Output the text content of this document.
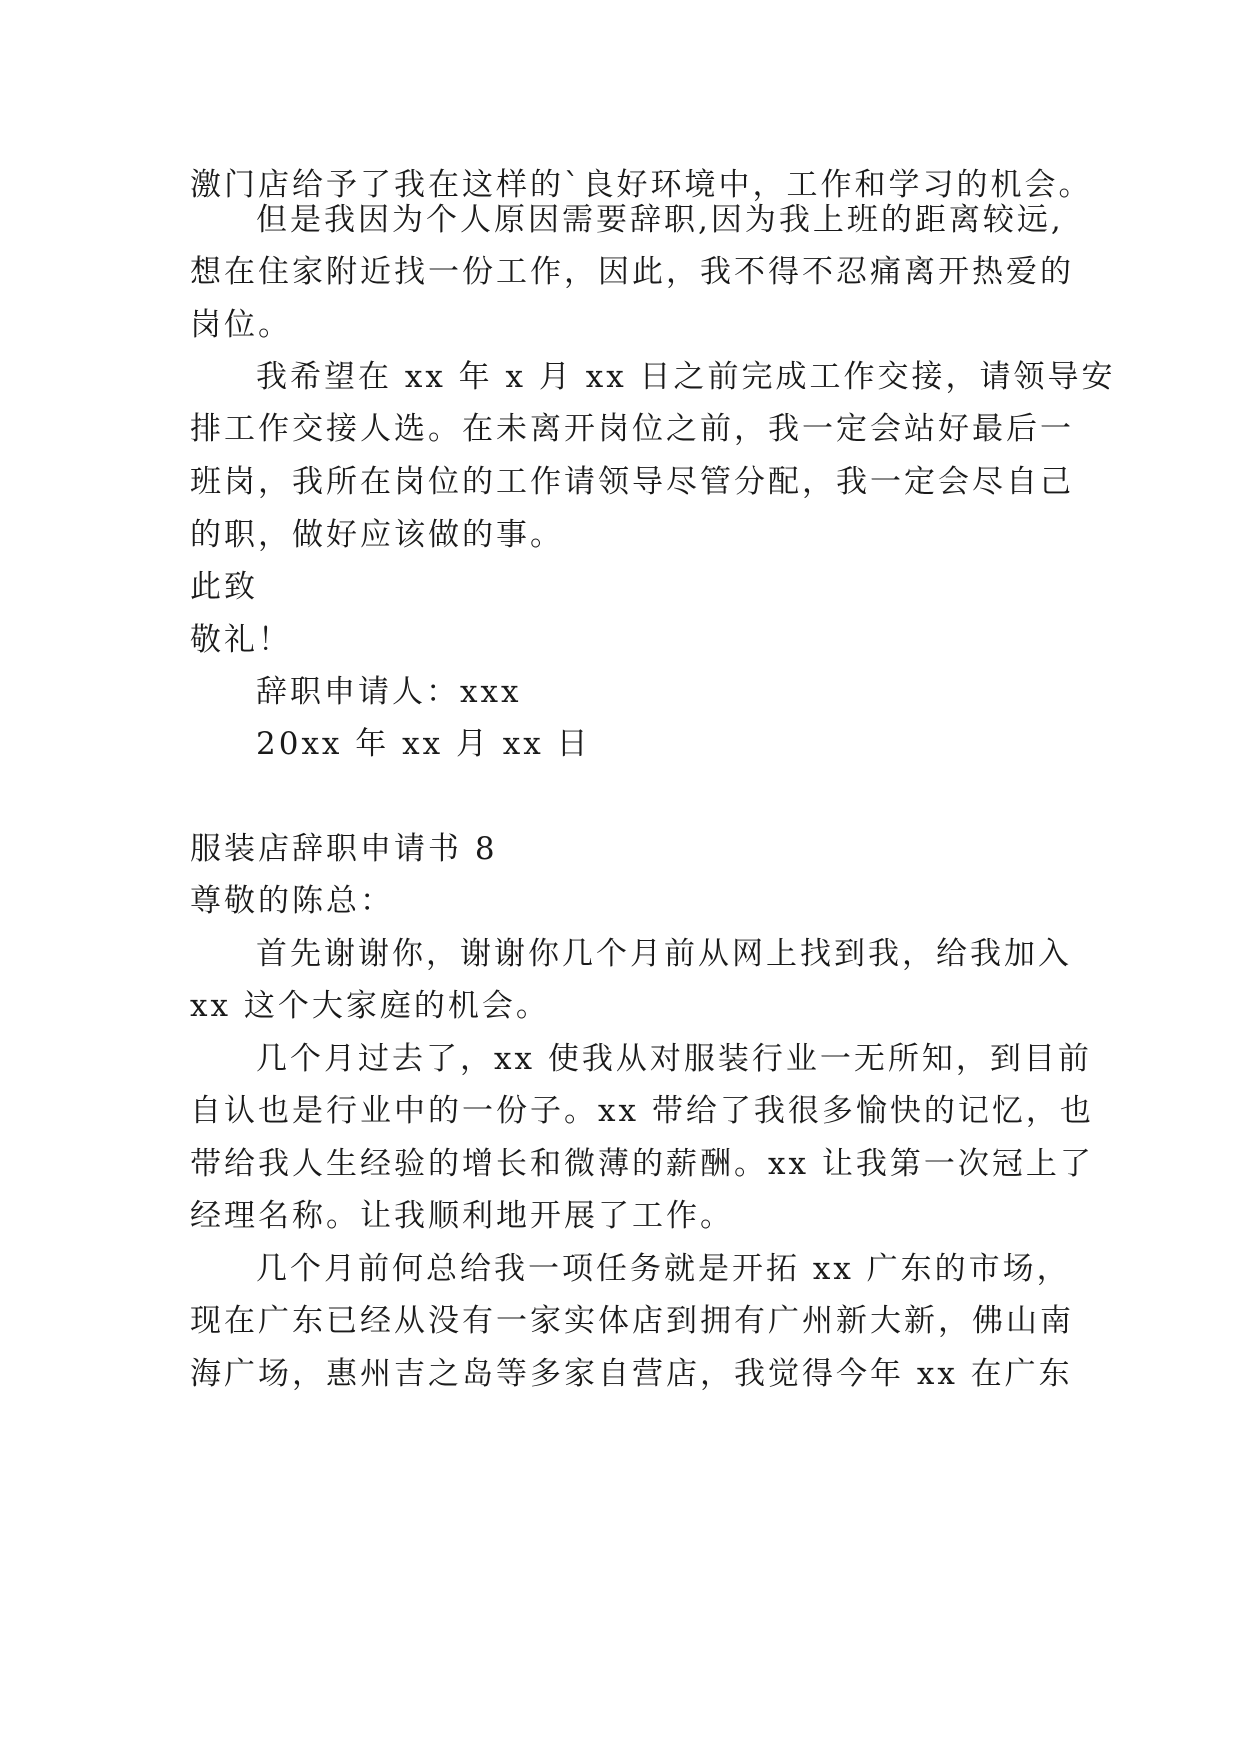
激门店给予了我在这样的`良好环境中，工作和学习的机会。
但是我因为个人原因需要辞职,因为我上班的距离较远,
想在住家附近找一份工作，因此，我不得不忍痛离开热爱的
岗位。
我希望在 xx 年 x 月 xx 日之前完成工作交接，请领导安
排工作交接人选。在未离开岗位之前，我一定会站好最后一
班岗，我所在岗位的工作请领导尽管分配，我一定会尽自己
的职，做好应该做的事。
此致
敬礼！
辞职申请人：xxx
20xx 年 xx 月 xx 日
服装店辞职申请书 8
尊敬的陈总：
首先谢谢你，谢谢你几个月前从网上找到我，给我加入
xx 这个大家庭的机会。
几个月过去了，xx 使我从对服装行业一无所知，到目前
自认也是行业中的一份子。xx 带给了我很多愉快的记忆，也
带给我人生经验的增长和微薄的薪酬。xx 让我第一次冠上了
经理名称。让我顺利地开展了工作。
几个月前何总给我一项任务就是开拓 xx 广东的市场，
现在广东已经从没有一家实体店到拥有广州新大新，佛山南
海广场，惠州吉之岛等多家自营店，我觉得今年 xx 在广东
